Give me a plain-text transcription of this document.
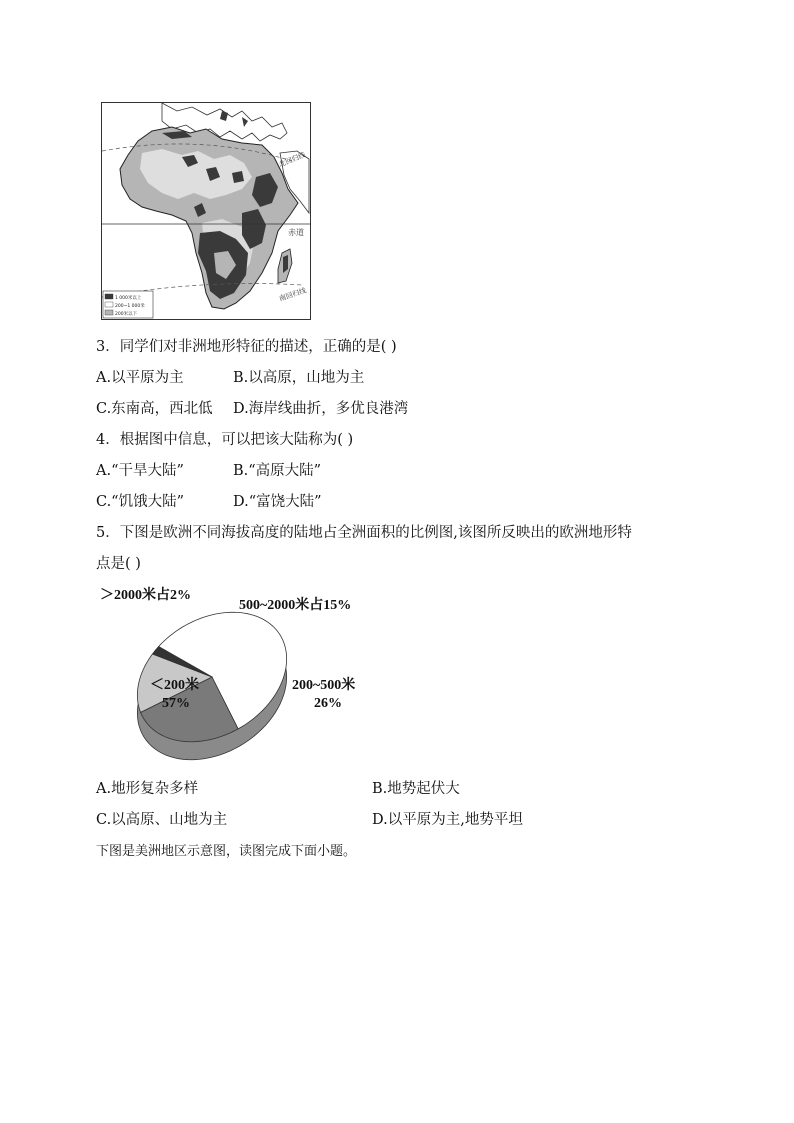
北回归线
赤道
南回归线
1 000米以上
200~1 000米
200米以下
3．同学们对非洲地形特征的描述，正确的是( )
A.以平原为主	B.以高原，山地为主
C.东南高，西北低 D.海岸线曲折，多优良港湾
4．根据图中信息，可以把该大陆称为( )
A.“干旱大陆”	B.“高原大陆”
C.“饥饿大陆”	D.“富饶大陆”
5．下图是欧洲不同海拔高度的陆地占全洲面积的比例图,该图所反映出的欧洲地形特
点是( )
＞2000米占2%
500~2000米占15%
200~500米
26%
＜200米
57%
A.地形复杂多样	B.地势起伏大
C.以高原、山地为主	D.以平原为主,地势平坦
下图是美洲地区示意图，读图完成下面小题。
